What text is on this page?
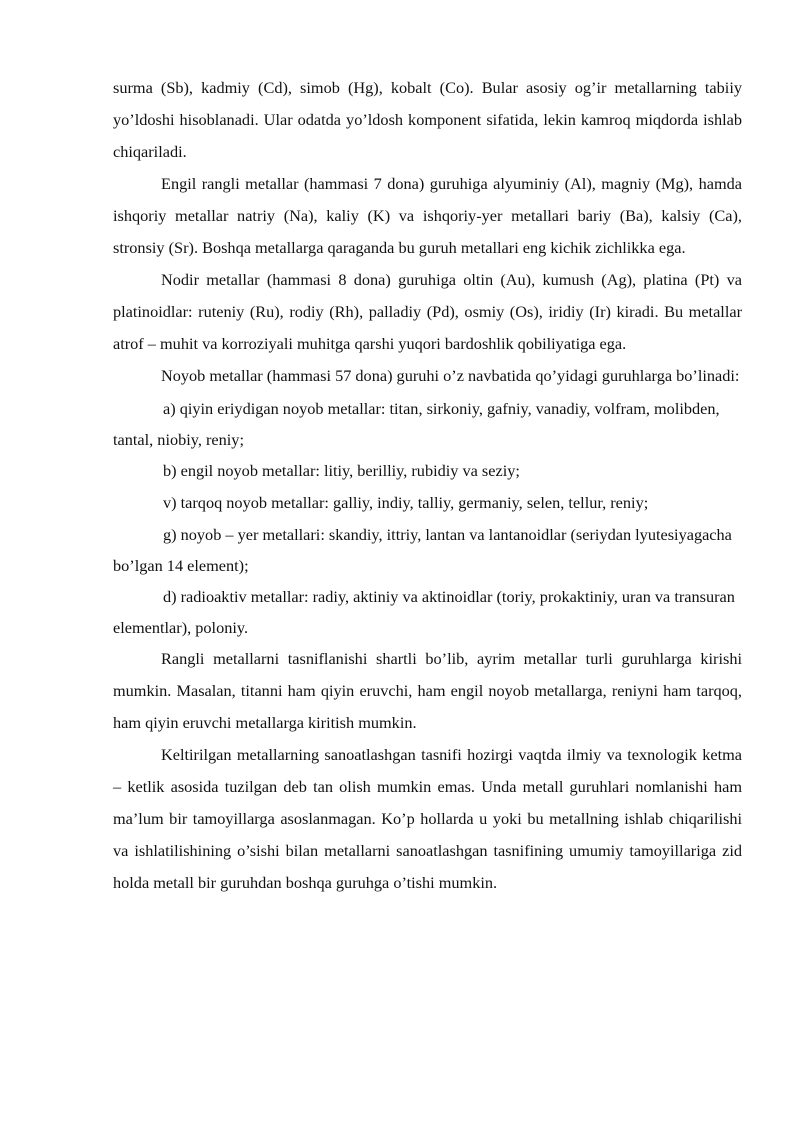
surma (Sb), kadmiy (Cd), simob (Hg), kobalt (Co). Bular asosiy og’ir metallarning tabiiy yo’ldoshi hisoblanadi. Ular odatda yo’ldosh komponent sifatida, lekin kamroq miqdorda ishlab chiqariladi.

Engil rangli metallar (hammasi 7 dona) guruhiga alyuminiy (Al), magniy (Mg), hamda ishqoriy metallar natriy (Na), kaliy (K) va ishqoriy-yer metallari bariy (Ba), kalsiy (Ca), stronsiy (Sr). Boshqa metallarga qaraganda bu guruh metallari eng kichik zichlikka ega.

Nodir metallar (hammasi 8 dona) guruhiga oltin (Au), kumush (Ag), platina (Pt) va platinoidlar: ruteniy (Ru), rodiy (Rh), palladiy (Pd), osmiy (Os), iridiy (Ir) kiradi. Bu metallar atrof – muhit va korroziyali muhitga qarshi yuqori bardoshlik qobiliyatiga ega.

Noyob metallar (hammasi 57 dona) guruhi o’z navbatida qo’yidagi guruhlarga bo’linadi:

a) qiyin eriydigan noyob metallar: titan, sirkoniy, gafniy, vanadiy, volfram, molibden, tantal, niobiy, reniy;

b) engil noyob metallar: litiy, berilliy, rubidiy va seziy;

v) tarqoq noyob metallar: galliy, indiy, talliy, germaniy, selen, tellur, reniy;

g) noyob – yer metallari: skandiy, ittriy, lantan va lantanoidlar (seriydan lyutesiyagacha bo’lgan 14 element);

d) radioaktiv metallar: radiy, aktiniy va aktinoidlar (toriy, prokaktiniy, uran va transuran elementlar), poloniy.

Rangli metallarni tasniflanishi shartli bo’lib, ayrim metallar turli guruhlarga kirishi mumkin. Masalan, titanni ham qiyin eruvchi, ham engil noyob metallarga, reniyni ham tarqoq, ham qiyin eruvchi metallarga kiritish mumkin.

Keltirilgan metallarning sanoatlashgan tasnifi hozirgi vaqtda ilmiy va texnologik ketma – ketlik asosida tuzilgan deb tan olish mumkin emas. Unda metall guruhlari nomlanishi ham ma’lum bir tamoyillarga asoslanmagan. Ko’p hollarda u yoki bu metallning ishlab chiqarilishi va ishlatilishining o’sishi bilan metallarni sanoatlashgan tasnifining umumiy tamoyillariga zid holda metall bir guruhdan boshqa guruhga o’tishi mumkin.
